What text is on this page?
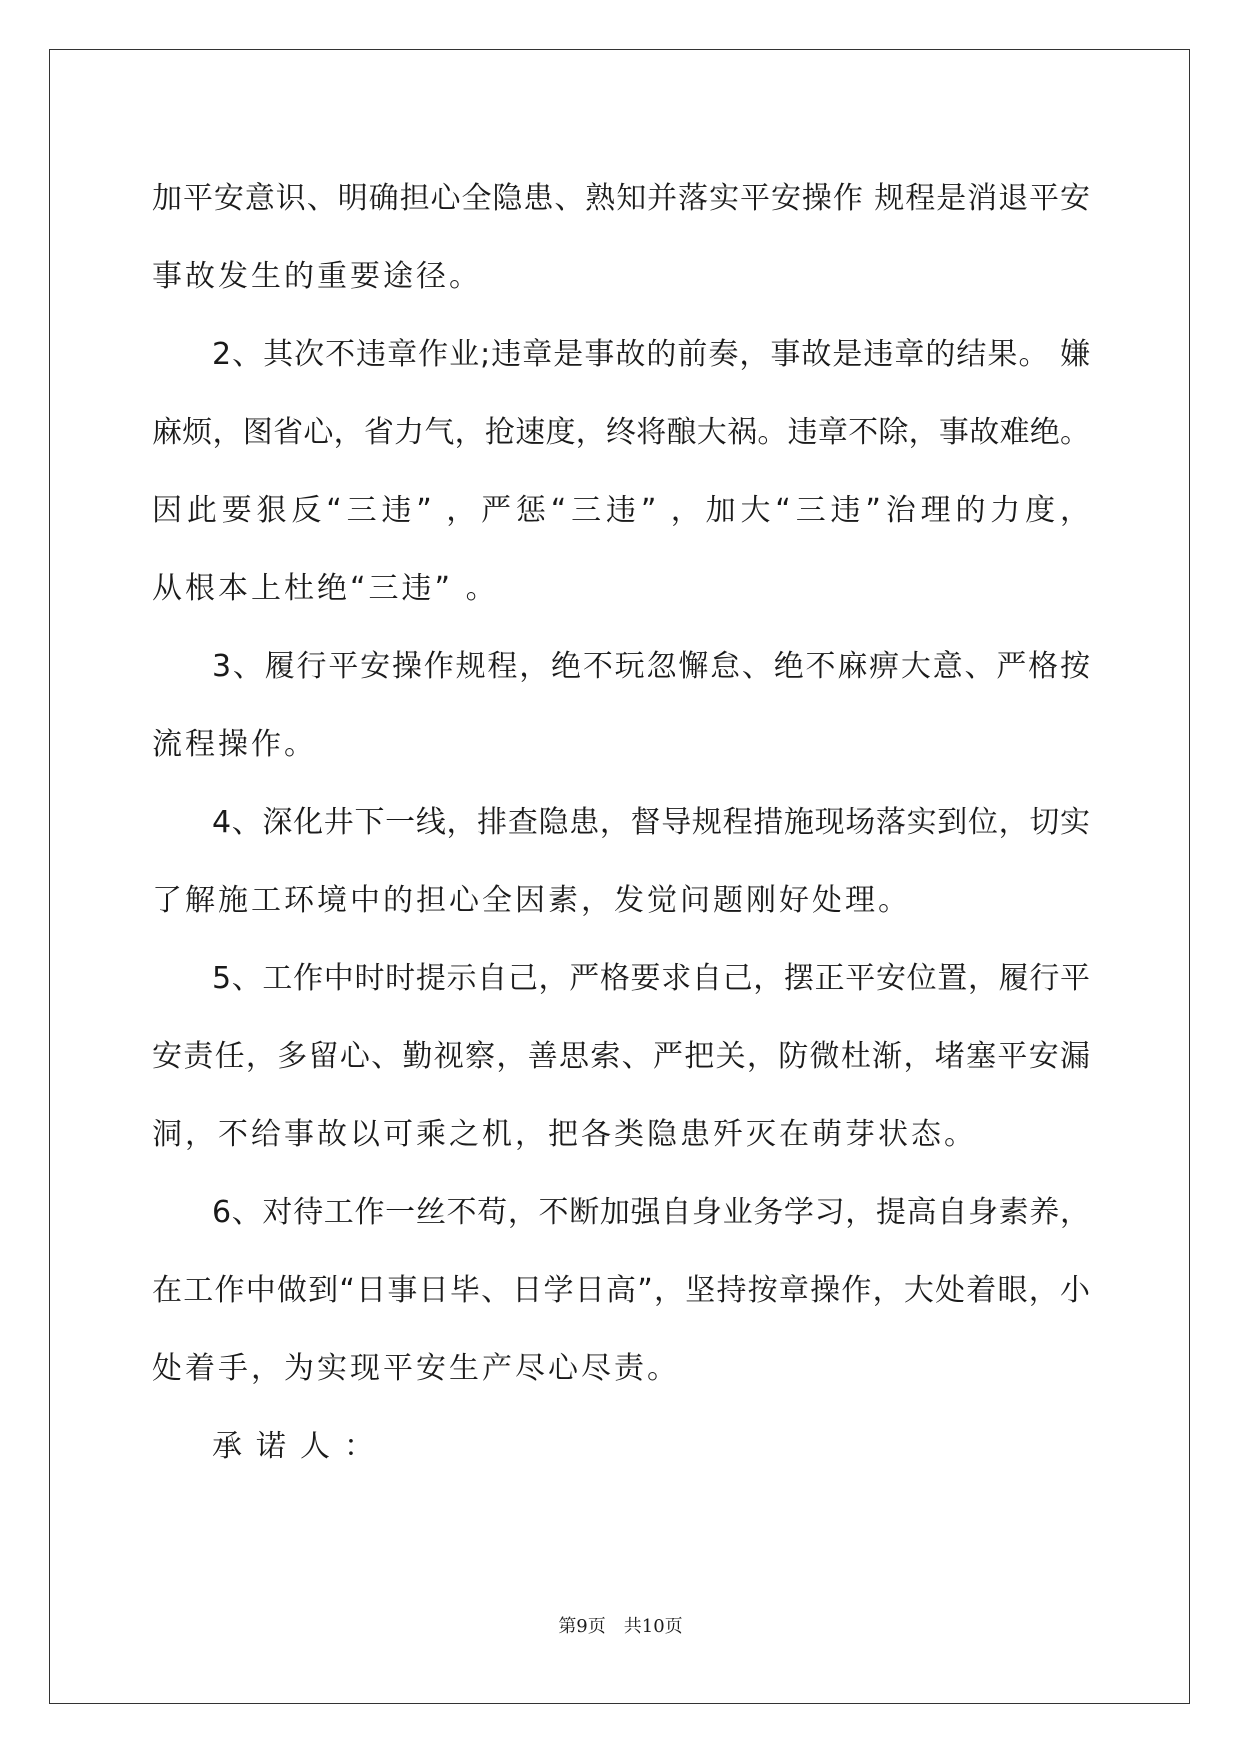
加平安意识、明确担心全隐患、熟知并落实平安操作 规程是消退平安
事故发生的重要途径。
2、其次不违章作业;违章是事故的前奏，事故是违章的结果。 嫌
麻烦，图省心，省力气，抢速度，终将酿大祸。违章不除，事故难绝。
因此要狠反“三违” ，严惩“三违” ，加大“三违”治理的力度，
从根本上杜绝“三违” 。
3、履行平安操作规程，绝不玩忽懈怠、绝不麻痹大意、严格按
流程操作。
4、深化井下一线，排查隐患，督导规程措施现场落实到位，切实
了解施工环境中的担心全因素，发觉问题刚好处理。
5、工作中时时提示自己，严格要求自己，摆正平安位置，履行平
安责任，多留心、勤视察，善思索、严把关，防微杜渐，堵塞平安漏
洞，不给事故以可乘之机，把各类隐患歼灭在萌芽状态。
6、对待工作一丝不苟，不断加强自身业务学习，提高自身素养，
在工作中做到“日事日毕、日学日高”，坚持按章操作，大处着眼，小
处着手，为实现平安生产尽心尽责。
承诺人：
第9页 共10页
